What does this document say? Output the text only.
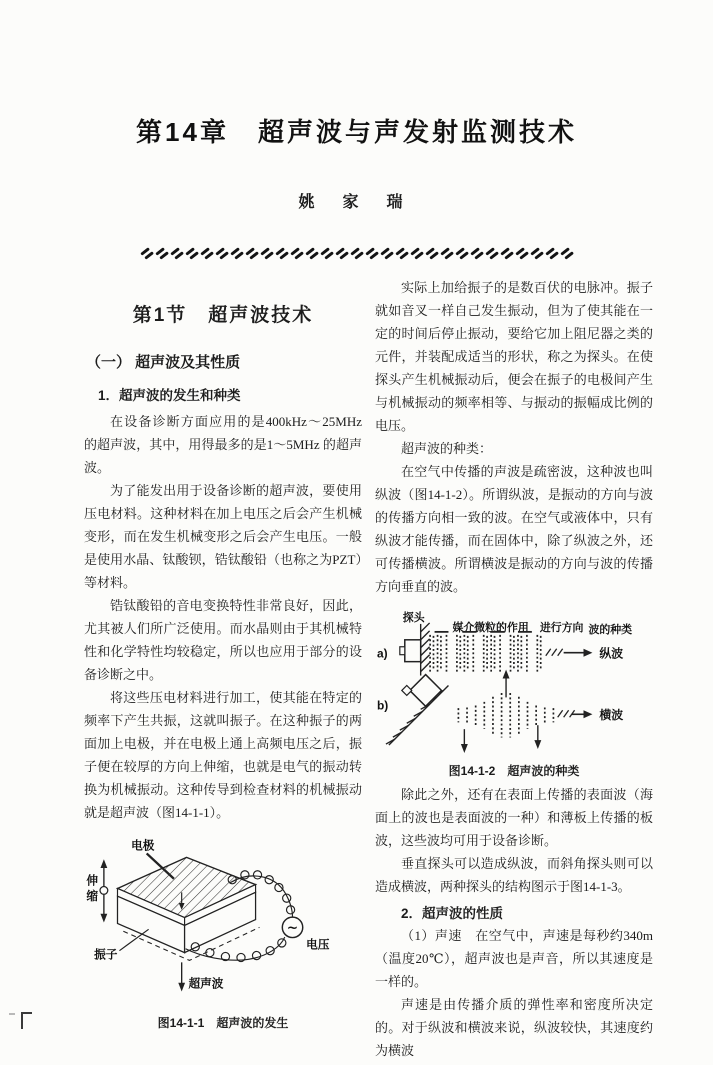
第14章　超声波与声发射监测技术
姚 家 瑞
第1节　超声波技术
（一） 超声波及其性质
1．超声波的发生和种类

在设备诊断方面应用的是400kHz～25MHz 的超声波，其中，用得最多的是1～5MHz 的超声波。

为了能发出用于设备诊断的超声波，要使用压电材料。这种材料在加上电压之后会产生机械变形，而在发生机械变形之后会产生电压。一般是使用水晶、钛酸钡，锆钛酸铅（也称之为PZT）等材料。

锆钛酸铅的音电变换特性非常良好，因此，尤其被人们所广泛使用。而水晶则由于其机械特性和化学特性均较稳定，所以也应用于部分的设备诊断之中。

将这些压电材料进行加工，使其能在特定的频率下产生共振，这就叫振子。在这种振子的两面加上电极，并在电极上通上高频电压之后，振子便在较厚的方向上伸缩，也就是电气的振动转换为机械振动。这种传导到检查材料的机械振动就是超声波（图14-1-1）。

伸
缩
电极
振子
超声波
~
电压
图14-1-1　超声波的发生

实际上加给振子的是数百伏的电脉冲。振子就如音叉一样自己发生振动，但为了使其能在一定的时间后停止振动，要给它加上阻尼器之类的元件，并装配成适当的形状，称之为探头。在使探头产生机械振动后，便会在振子的电极间产生与机械振动的频率相等、与振动的振幅成比例的电压。

超声波的种类：

在空气中传播的声波是疏密波，这种波也叫纵波（图14-1-2）。所谓纵波，是振动的方向与波的传播方向相一致的波。在空气或液体中，只有纵波才能传播，而在固体中，除了纵波之外，还可传播横波。所谓横波是振动的方向与波的传播方向垂直的波。

探头
媒介微粒的作用 进行方向 波的种类
a)	纵波
b)
横波
图14-1-2　超声波的种类

除此之外，还有在表面上传播的表面波（海面上的波也是表面波的一种）和薄板上传播的板波，这些波均可用于设备诊断。

垂直探头可以造成纵波，而斜角探头则可以造成横波，两种探头的结构图示于图14-1-3。

2．超声波的性质

（1）声速　在空气中，声速是每秒约340m（温度20℃），超声波也是声音，所以其速度是一样的。

声速是由传播介质的弹性率和密度所决定的。对于纵波和横波来说，纵波较快，其速度约为横波
